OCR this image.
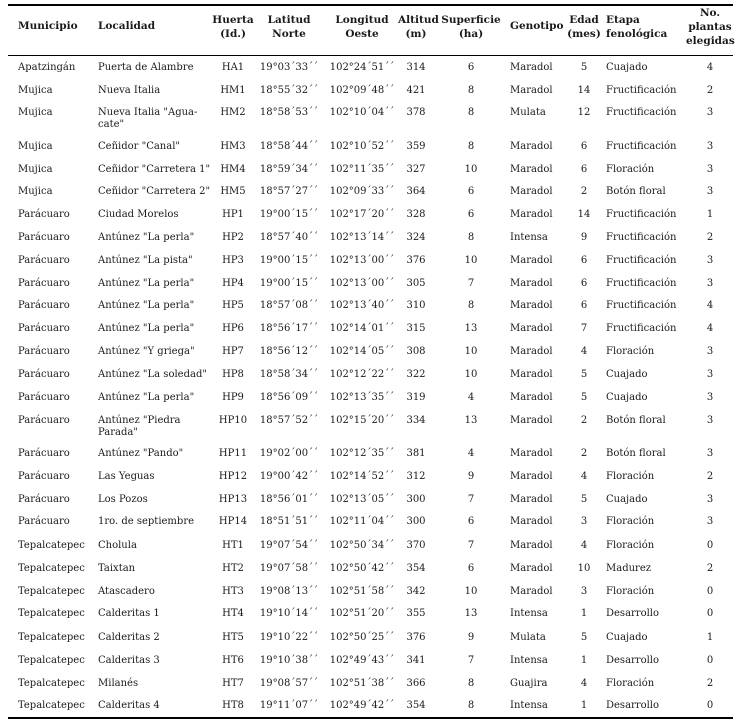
Municipio	Localidad	Huerta
(Id.)
Latitud
Norte
Longitud
Oeste
Altitud
(m)
Superficie
(ha)
Genotipo Edad
(mes)
Etapa
fenológica
No.
plantas
elegidas
Apatzingán	Puerta de Alambre	HA1	19°03´33´´	102°24´51´´	314	6	Maradol	5	Cuajado	4
Mujica	Nueva Italia	HM1	18°55´32´´	102°09´48´´	421	8	Maradol	14	Fructificación	2
Mujica	Nueva Italia "Agua-
cate"
HM2	18°58´53´´	102°10´04´´	378	8	Mulata	12	Fructificación	3
Mujica	Ceñidor "Canal"	HM3	18°58´44´´	102°10´52´´	359	8	Maradol	6	Fructificación	3
Mujica	Ceñidor "Carretera 1"	HM4	18°59´34´´	102°11´35´´	327	10	Maradol	6	Floración	3
Mujica	Ceñidor "Carretera 2"	HM5	18°57´27´´	102°09´33´´	364	6	Maradol	2	Botón floral	3
Parácuaro	Ciudad Morelos	HP1	19°00´15´´	102°17´20´´	328	6	Maradol	14	Fructificación	1
Parácuaro	Antúnez "La perla"	HP2	18°57´40´´	102°13´14´´	324	8	Intensa	9	Fructificación	2
Parácuaro	Antúnez "La pista"	HP3	19°00´15´´	102°13´00´´	376	10	Maradol	6	Fructificación	3
Parácuaro	Antúnez "La perla"	HP4	19°00´15´´	102°13´00´´	305	7	Maradol	6	Fructificación	3
Parácuaro	Antúnez "La perla"	HP5	18°57´08´´	102°13´40´´	310	8	Maradol	6	Fructificación	4
Parácuaro	Antúnez "La perla"	HP6	18°56´17´´	102°14´01´´	315	13	Maradol	7	Fructificación	4
Parácuaro	Antúnez "Y griega"	HP7	18°56´12´´	102°14´05´´	308	10	Maradol	4	Floración	3
Parácuaro	Antúnez "La soledad"	HP8	18°58´34´´	102°12´22´´	322	10	Maradol	5	Cuajado	3
Parácuaro	Antúnez "La perla"	HP9	18°56´09´´	102°13´35´´	319	4	Maradol	5	Cuajado	3
Parácuaro	Antúnez "Piedra
Parada"
HP10	18°57´52´´	102°15´20´´	334	13	Maradol	2	Botón floral	3
Parácuaro	Antúnez "Pando"	HP11	19°02´00´´	102°12´35´´	381	4	Maradol	2	Botón floral	3
Parácuaro	Las Yeguas	HP12	19°00´42´´	102°14´52´´	312	9	Maradol	4	Floración	2
Parácuaro	Los Pozos	HP13	18°56´01´´	102°13´05´´	300	7	Maradol	5	Cuajado	3
Parácuaro	1ro. de septiembre	HP14	18°51´51´´	102°11´04´´	300	6	Maradol	3	Floración	3
Tepalcatepec	Cholula	HT1	19°07´54´´	102°50´34´´	370	7	Maradol	4	Floración	0
Tepalcatepec	Taixtan	HT2	19°07´58´´	102°50´42´´	354	6	Maradol	10	Madurez	2
Tepalcatepec	Atascadero	HT3	19°08´13´´	102°51´58´´	342	10	Maradol	3	Floración	0
Tepalcatepec	Calderitas 1	HT4	19°10´14´´	102°51´20´´	355	13	Intensa	1	Desarrollo	0
Tepalcatepec	Calderitas 2	HT5	19°10´22´´	102°50´25´´	376	9	Mulata	5	Cuajado	1
Tepalcatepec	Calderitas 3	HT6	19°10´38´´	102°49´43´´	341	7	Intensa	1	Desarrollo	0
Tepalcatepec	Milanés	HT7	19°08´57´´	102°51´38´´	366	8	Guajira	4	Floración	2
Tepalcatepec	Calderitas 4	HT8	19°11´07´´	102°49´42´´	354	8	Intensa	1	Desarrollo	0
